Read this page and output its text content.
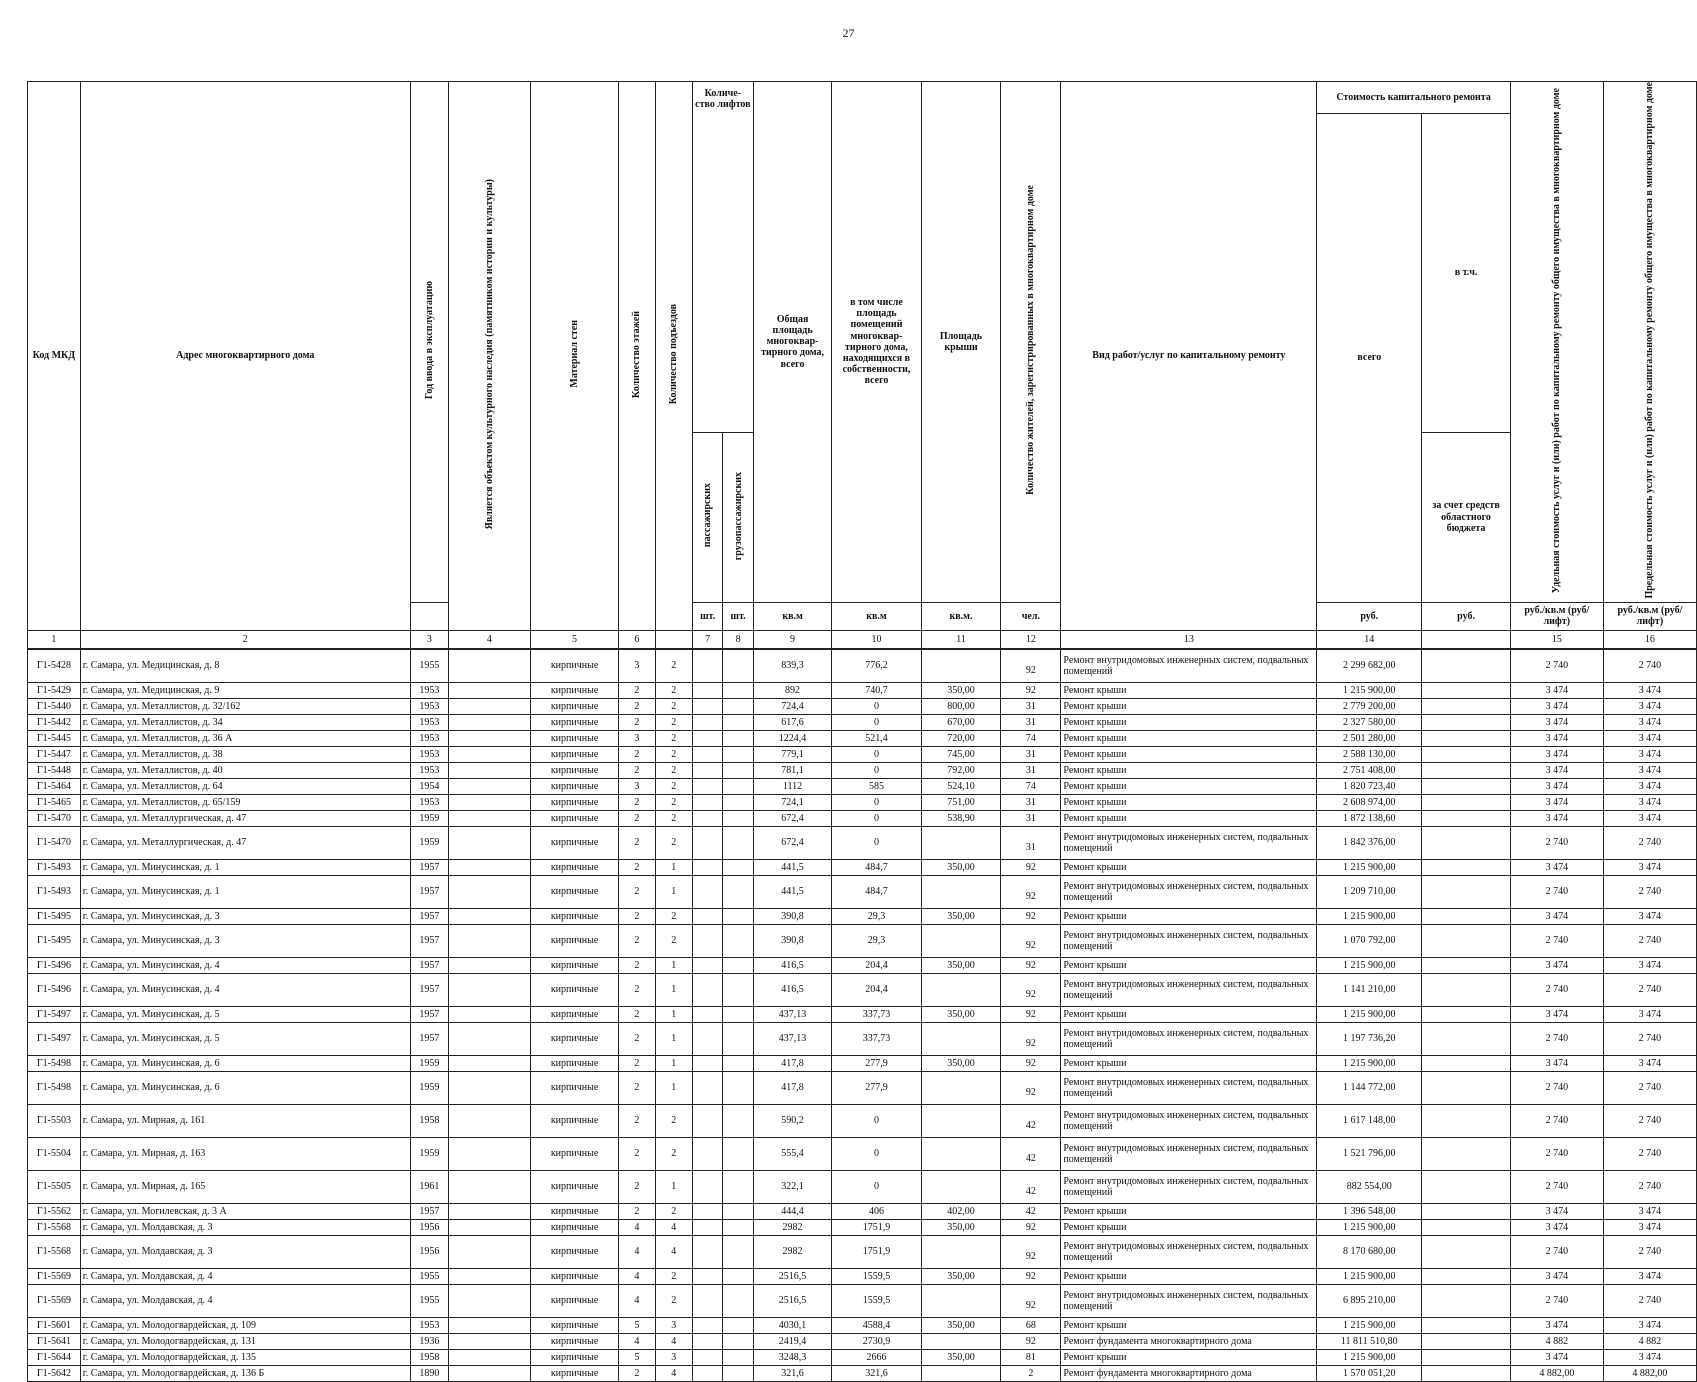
27
Код МКД	Адрес многоквартирного дома	Год ввода в эксплуатацию	Является объектом культурного наследия (памятником истории и культуры)	Материал стен	Количество этажей	Количество подъездов	Количе- ство лифтов		Общая площадь многоквар- тирного дома, всего	в том числе площадь помещений многоквар- тирного дома, находящихся в собственности, всего	Площадь крыши	Количество жителей, зарегистрированных в многоквартирном доме	Вид работ/услуг по капитальному ремонту	Стоимость капитального ремонта		Удельная стоимость услуг и (или) работ по капитальному ремонту общего имущества в многоквартирном доме	Предельная стоимость услуг и (или) работ по капитальному ремонту общего имущества в многоквартирном доме
														всего	в т.ч.		
							пассажирских	грузопассажирских							за счет средств областного бюджета		
							шт.	шт.	кв.м	кв.м	кв.м.	чел.		руб.	руб.	руб./кв.м (руб/лифт)	руб./кв.м (руб/лифт)
1	2	3	4	5	6		7	8	9	10	11	12	13	14		15	16
Г1-5428	г. Самара, ул. Медицинская, д. 8	1955		кирпичные	3	2			839,3	776,2		92	Ремонт внутридомовых инженерных систем, подвальных помещений	2 299 682,00		2 740	2 740
Г1-5429	г. Самара, ул. Медицинская, д. 9	1953		кирпичные	2	2			892	740,7	350,00	92	Ремонт крыши	1 215 900,00		3 474	3 474
Г1-5440	г. Самара, ул. Металлистов, д. 32/162	1953		кирпичные	2	2			724,4	0	800,00	31	Ремонт крыши	2 779 200,00		3 474	3 474
Г1-5442	г. Самара, ул. Металлистов, д. 34	1953		кирпичные	2	2			617,6	0	670,00	31	Ремонт крыши	2 327 580,00		3 474	3 474
Г1-5445	г. Самара, ул. Металлистов, д. 36 А	1953		кирпичные	3	2			1224,4	521,4	720,00	74	Ремонт крыши	2 501 280,00		3 474	3 474
Г1-5447	г. Самара, ул. Металлистов, д. 38	1953		кирпичные	2	2			779,1	0	745,00	31	Ремонт крыши	2 588 130,00		3 474	3 474
Г1-5448	г. Самара, ул. Металлистов, д. 40	1953		кирпичные	2	2			781,1	0	792,00	31	Ремонт крыши	2 751 408,00		3 474	3 474
Г1-5464	г. Самара, ул. Металлистов, д. 64	1954		кирпичные	3	2			1112	585	524,10	74	Ремонт крыши	1 820 723,40		3 474	3 474
Г1-5465	г. Самара, ул. Металлистов, д. 65/159	1953		кирпичные	2	2			724,1	0	751,00	31	Ремонт крыши	2 608 974,00		3 474	3 474
Г1-5470	г. Самара, ул. Металлургическая, д. 47	1959		кирпичные	2	2			672,4	0	538,90	31	Ремонт крыши	1 872 138,60		3 474	3 474
Г1-5470	г. Самара, ул. Металлургическая, д. 47	1959		кирпичные	2	2			672,4	0		31	Ремонт внутридомовых инженерных систем, подвальных помещений	1 842 376,00		2 740	2 740
Г1-5493	г. Самара, ул. Минусинская, д. 1	1957		кирпичные	2	1			441,5	484,7	350,00	92	Ремонт крыши	1 215 900,00		3 474	3 474
Г1-5493	г. Самара, ул. Минусинская, д. 1	1957		кирпичные	2	1			441,5	484,7		92	Ремонт внутридомовых инженерных систем, подвальных помещений	1 209 710,00		2 740	2 740
Г1-5495	г. Самара, ул. Минусинская, д. 3	1957		кирпичные	2	2			390,8	29,3	350,00	92	Ремонт крыши	1 215 900,00		3 474	3 474
Г1-5495	г. Самара, ул. Минусинская, д. 3	1957		кирпичные	2	2			390,8	29,3		92	Ремонт внутридомовых инженерных систем, подвальных помещений	1 070 792,00		2 740	2 740
Г1-5496	г. Самара, ул. Минусинская, д. 4	1957		кирпичные	2	1			416,5	204,4	350,00	92	Ремонт крыши	1 215 900,00		3 474	3 474
Г1-5496	г. Самара, ул. Минусинская, д. 4	1957		кирпичные	2	1			416,5	204,4		92	Ремонт внутридомовых инженерных систем, подвальных помещений	1 141 210,00		2 740	2 740
Г1-5497	г. Самара, ул. Минусинская, д. 5	1957		кирпичные	2	1			437,13	337,73	350,00	92	Ремонт крыши	1 215 900,00		3 474	3 474
Г1-5497	г. Самара, ул. Минусинская, д. 5	1957		кирпичные	2	1			437,13	337,73		92	Ремонт внутридомовых инженерных систем, подвальных помещений	1 197 736,20		2 740	2 740
Г1-5498	г. Самара, ул. Минусинская, д. 6	1959		кирпичные	2	1			417,8	277,9	350,00	92	Ремонт крыши	1 215 900,00		3 474	3 474
Г1-5498	г. Самара, ул. Минусинская, д. 6	1959		кирпичные	2	1			417,8	277,9		92	Ремонт внутридомовых инженерных систем, подвальных помещений	1 144 772,00		2 740	2 740
Г1-5503	г. Самара, ул. Мирная, д. 161	1958		кирпичные	2	2			590,2	0		42	Ремонт внутридомовых инженерных систем, подвальных помещений	1 617 148,00		2 740	2 740
Г1-5504	г. Самара, ул. Мирная, д. 163	1959		кирпичные	2	2			555,4	0		42	Ремонт внутридомовых инженерных систем, подвальных помещений	1 521 796,00		2 740	2 740
Г1-5505	г. Самара, ул. Мирная, д. 165	1961		кирпичные	2	1			322,1	0		42	Ремонт внутридомовых инженерных систем, подвальных помещений	882 554,00		2 740	2 740
Г1-5562	г. Самара, ул. Могилевская, д. 3 А	1957		кирпичные	2	2			444,4	406	402,00	42	Ремонт крыши	1 396 548,00		3 474	3 474
Г1-5568	г. Самара, ул. Молдавская, д. 3	1956		кирпичные	4	4			2982	1751,9	350,00	92	Ремонт крыши	1 215 900,00		3 474	3 474
Г1-5568	г. Самара, ул. Молдавская, д. 3	1956		кирпичные	4	4			2982	1751,9		92	Ремонт внутридомовых инженерных систем, подвальных помещений	8 170 680,00		2 740	2 740
Г1-5569	г. Самара, ул. Молдавская, д. 4	1955		кирпичные	4	2			2516,5	1559,5	350,00	92	Ремонт крыши	1 215 900,00		3 474	3 474
Г1-5569	г. Самара, ул. Молдавская, д. 4	1955		кирпичные	4	2			2516,5	1559,5		92	Ремонт внутридомовых инженерных систем, подвальных помещений	6 895 210,00		2 740	2 740
Г1-5601	г. Самара, ул. Молодогвардейская, д. 109	1953		кирпичные	5	3			4030,1	4588,4	350,00	68	Ремонт крыши	1 215 900,00		3 474	3 474
Г1-5641	г. Самара, ул. Молодогвардейская, д. 131	1936		кирпичные	4	4			2419,4	2730,9		92	Ремонт фундамента многоквартирного дома	11 811 510,80		4 882	4 882
Г1-5644	г. Самара, ул. Молодогвардейская, д. 135	1958		кирпичные	5	3			3248,3	2666	350,00	81	Ремонт крыши	1 215 900,00		3 474	3 474
Г1-5642	г. Самара, ул. Молодогвардейская, д. 136 Б	1890		кирпичные	2	4			321,6	321,6		2	Ремонт фундамента многоквартирного дома	1 570 051,20		4 882,00	4 882,00
